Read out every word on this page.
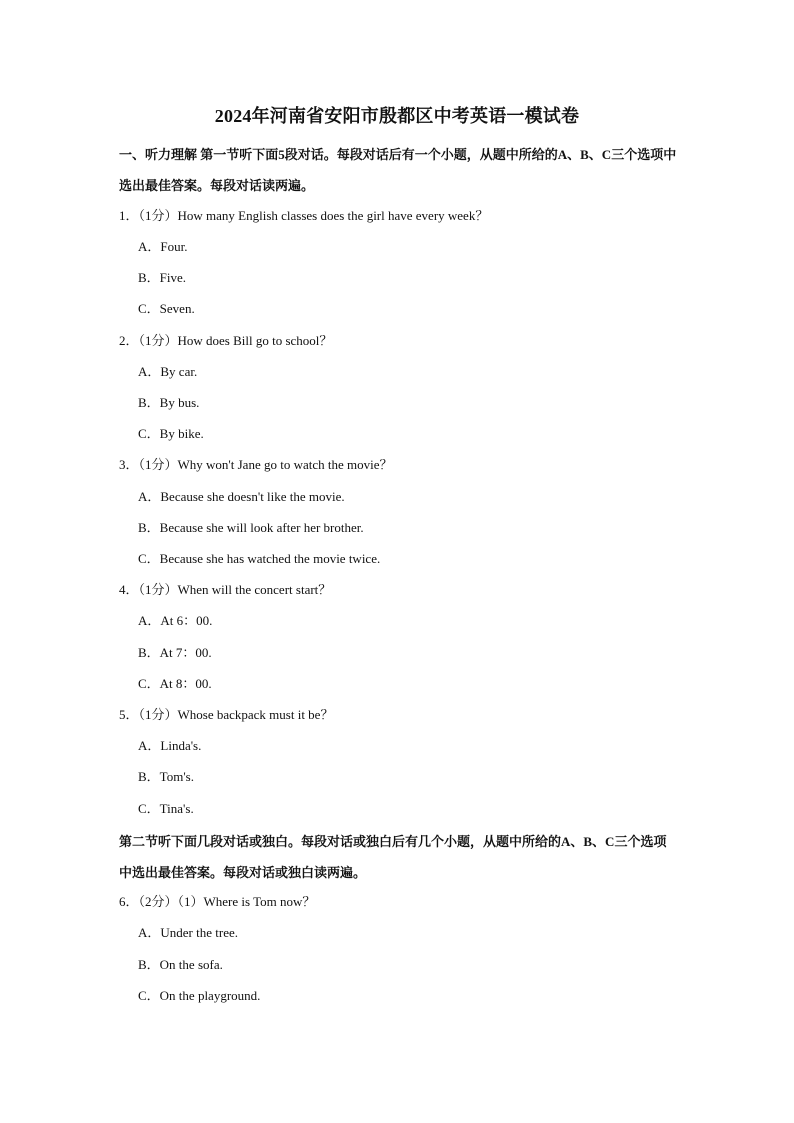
2024年河南省安阳市殷都区中考英语一模试卷
一、听力理解 第一节听下面5段对话。每段对话后有一个小题，从题中所给的A、B、C三个选项中选出最佳答案。每段对话读两遍。
1．（1分）How many English classes does the girl have every week？
A．Four.
B．Five.
C．Seven.
2．（1分）How does Bill go to school？
A．By car.
B．By bus.
C．By bike.
3．（1分）Why won't Jane go to watch the movie？
A．Because she doesn't like the movie.
B．Because she will look after her brother.
C．Because she has watched the movie twice.
4．（1分）When will the concert start？
A．At 6：00.
B．At 7：00.
C．At 8：00.
5．（1分）Whose backpack must it be？
A．Linda's.
B．Tom's.
C．Tina's.
第二节听下面几段对话或独白。每段对话或独白后有几个小题，从题中所给的A、B、C三个选项中选出最佳答案。每段对话或独白读两遍。
6．（2分）（1）Where is Tom now？
A．Under the tree.
B．On the sofa.
C．On the playground.
